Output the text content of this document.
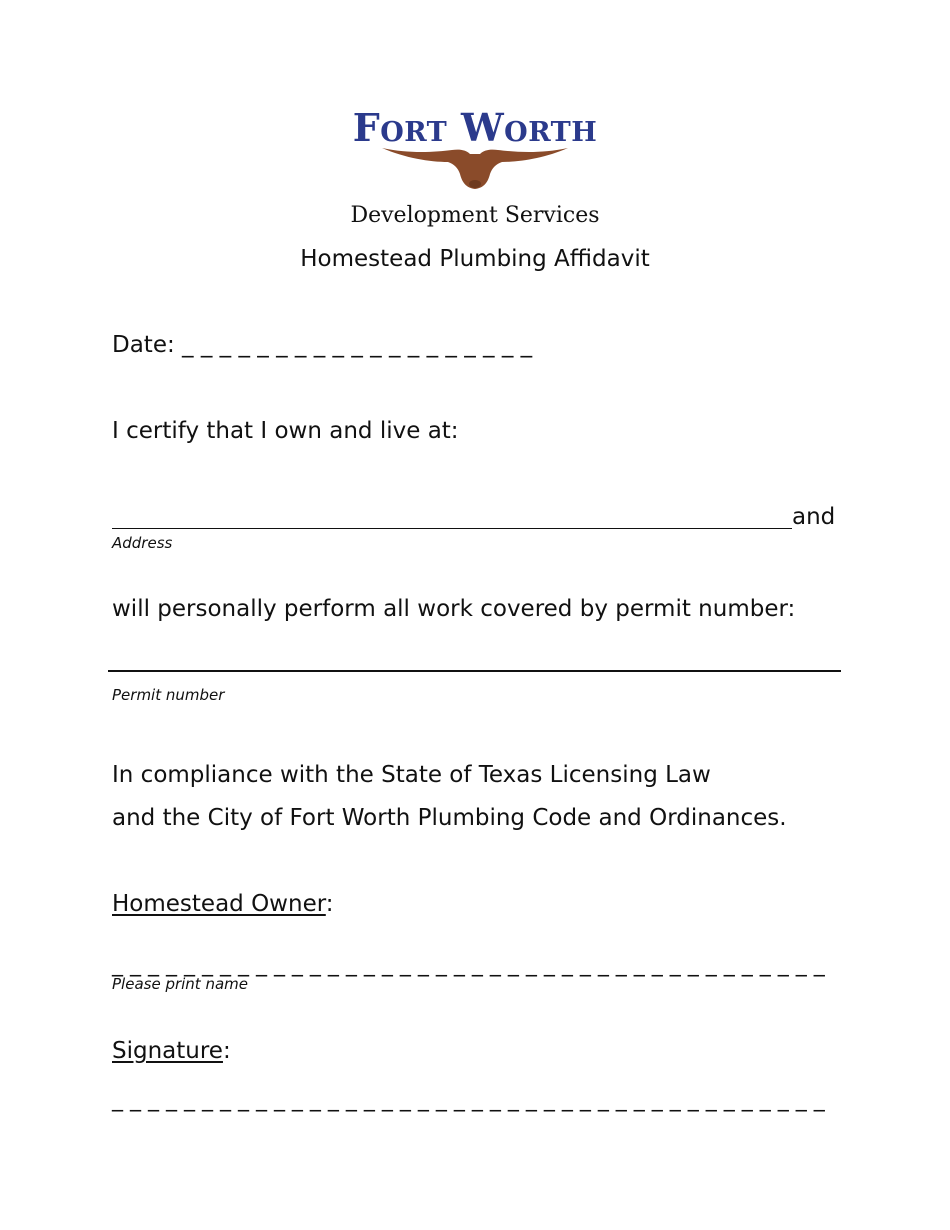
Fort Worth
Development Services
Homestead Plumbing Affidavit
Date: _ _ _ _ _ _ _ _ _ _ _ _ _ _ _ _ _ _ _
I certify that I own and live at:
and
Address
will personally perform all work covered by permit number:
Permit number
In compliance with the State of Texas Licensing Law
and the City of Fort Worth Plumbing Code and Ordinances.
Homestead Owner:
_ _ _ _ _ _ _ _ _ _ _ _ _ _ _ _ _ _ _ _ _ _ _ _ _ _ _ _ _ _ _ _ _ _ _ _ _ _ _ _
Please print name
Signature:
_ _ _ _ _ _ _ _ _ _ _ _ _ _ _ _ _ _ _ _ _ _ _ _ _ _ _ _ _ _ _ _ _ _ _ _ _ _ _ _
